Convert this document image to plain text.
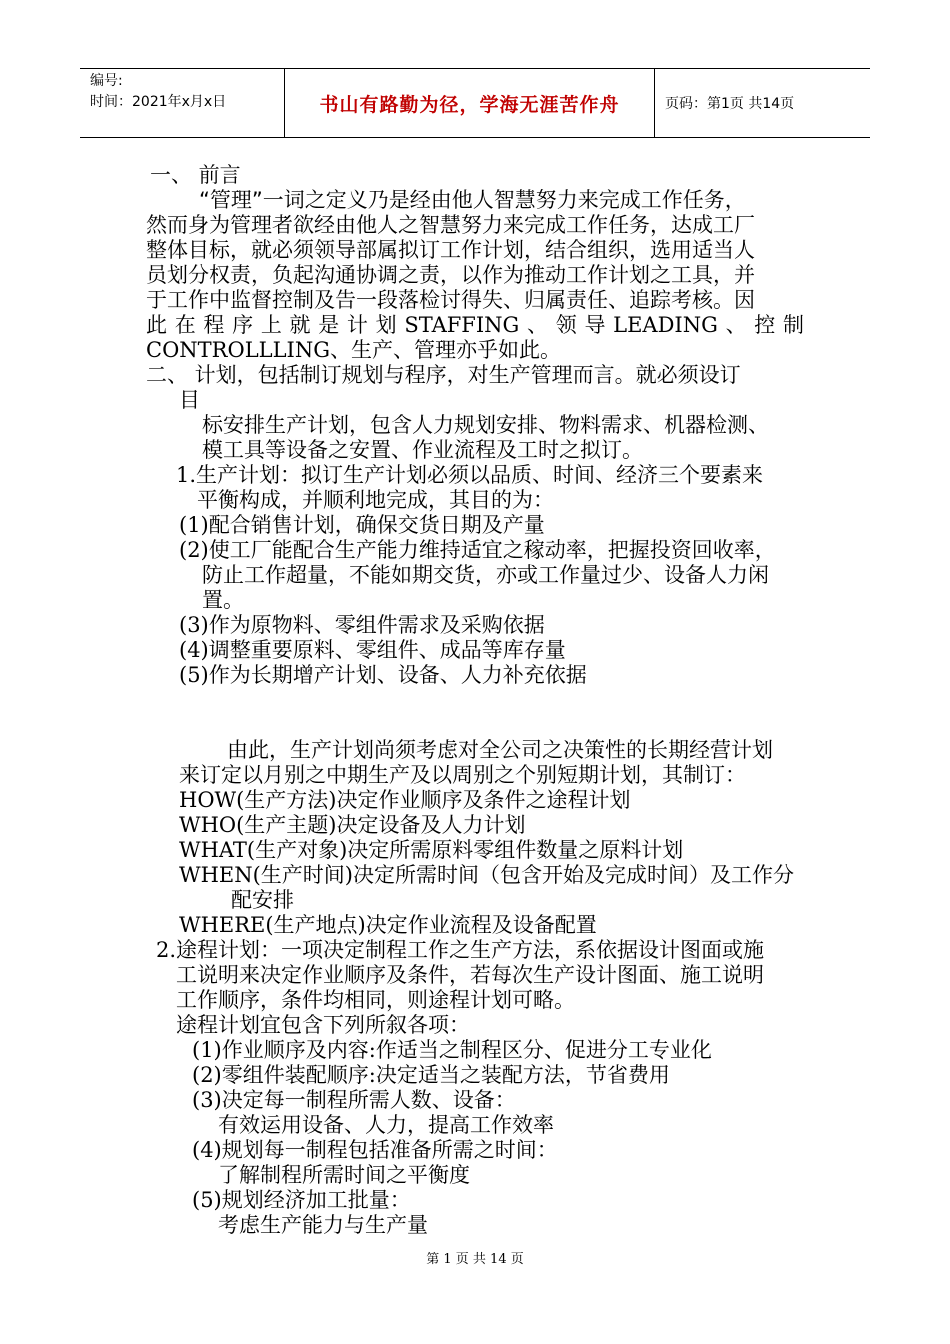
编号:
时间：2021年x月x日	书山有路勤为径，学海无涯苦作舟	页码：第1页 共14页
一、 前言
“管理”一词之定义乃是经由他人智慧努力来完成工作任务，
然而身为管理者欲经由他人之智慧努力来完成工作任务，达成工厂
整体目标，就必须领导部属拟订工作计划，结合组织，选用适当人
员划分权责，负起沟通协调之责，以作为推动工作计划之工具，并
于工作中监督控制及告一段落检讨得失、归属责任、追踪考核。因
此 在 程 序 上 就 是 计 划 STAFFING 、 领 导 LEADING 、 控 制
CONTROLLLING、生产、管理亦乎如此。
二、 计划，包括制订规划与程序，对生产管理而言。就必须设订
目
标安排生产计划，包含人力规划安排、物料需求、机器检测、
模工具等设备之安置、作业流程及工时之拟订。
1.生产计划：拟订生产计划必须以品质、时间、经济三个要素来
平衡构成，并顺利地完成，其目的为：
(1)配合销售计划，确保交货日期及产量
(2)使工厂能配合生产能力维持适宜之稼动率，把握投资回收率，
防止工作超量，不能如期交货，亦或工作量过少、设备人力闲
置。
(3)作为原物料、零组件需求及采购依据
(4)调整重要原料、零组件、成品等库存量
(5)作为长期增产计划、设备、人力补充依据
由此，生产计划尚须考虑对全公司之决策性的长期经营计划
来订定以月别之中期生产及以周别之个别短期计划，其制订：
HOW(生产方法)决定作业顺序及条件之途程计划
WHO(生产主题)决定设备及人力计划
WHAT(生产对象)决定所需原料零组件数量之原料计划
WHEN(生产时间)决定所需时间（包含开始及完成时间）及工作分
配安排
WHERE(生产地点)决定作业流程及设备配置
2.途程计划：一项决定制程工作之生产方法，系依据设计图面或施
工说明来决定作业顺序及条件，若每次生产设计图面、施工说明
工作顺序，条件均相同，则途程计划可略。
途程计划宜包含下列所叙各项：
(1)作业顺序及内容:作适当之制程区分、促进分工专业化
(2)零组件装配顺序:决定适当之装配方法，节省费用
(3)决定每一制程所需人数、设备：
有效运用设备、人力，提高工作效率
(4)规划每一制程包括准备所需之时间：
了解制程所需时间之平衡度
(5)规划经济加工批量：
考虑生产能力与生产量
第 1 页 共 14 页
